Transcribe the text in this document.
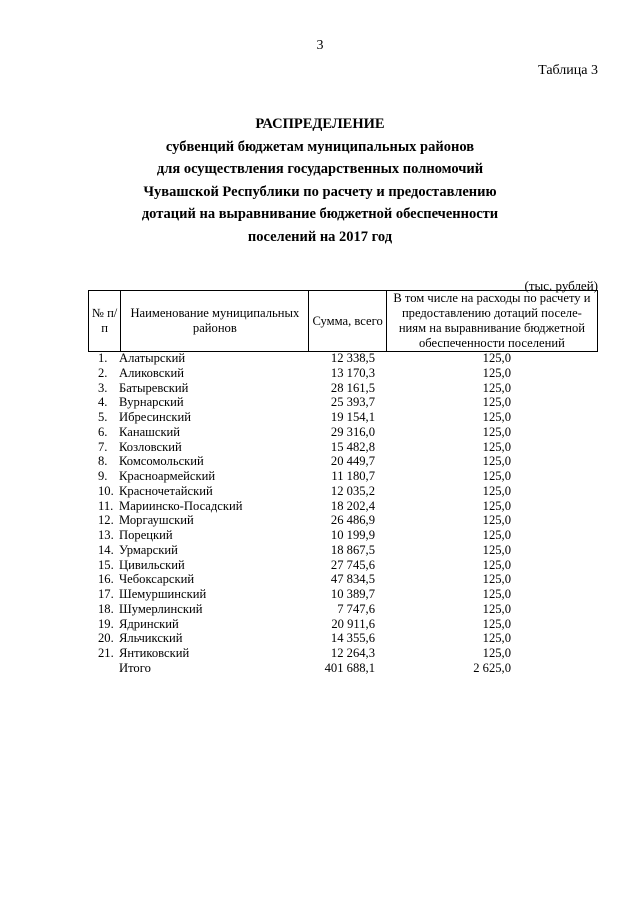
3
Таблица 3
РАСПРЕДЕЛЕНИЕ
субвенций бюджетам муниципальных районов
для осуществления государственных полномочий
Чувашской Республики по расчету и предоставлению
дотаций на выравнивание бюджетной обеспеченности
поселений на 2017 год
(тыс. рублей)
№ п/п	Наименование муниципальных районов	Сумма, всего	В том числе на расходы по расчету и предоставлению дотаций поселе-ниям на выравнивание бюджетной обеспеченности поселений
1. Алатырский	12 338,5	125,0
2. Аликовский	13 170,3	125,0
3. Батыревский	28 161,5	125,0
4. Вурнарский	25 393,7	125,0
5. Ибресинский	19 154,1	125,0
6. Канашский	29 316,0	125,0
7. Козловский	15 482,8	125,0
8. Комсомольский	20 449,7	125,0
9. Красноармейский	11 180,7	125,0
10. Красночетайский	12 035,2	125,0
11. Мариинско-Посадский	18 202,4	125,0
12. Моргаушский	26 486,9	125,0
13. Порецкий	10 199,9	125,0
14. Урмарский	18 867,5	125,0
15. Цивильский	27 745,6	125,0
16. Чебоксарский	47 834,5	125,0
17. Шемуршинский	10 389,7	125,0
18. Шумерлинский	7 747,6	125,0
19. Ядринский	20 911,6	125,0
20. Яльчикский	14 355,6	125,0
21. Янтиковский	12 264,3	125,0
Итого	401 688,1	2 625,0
